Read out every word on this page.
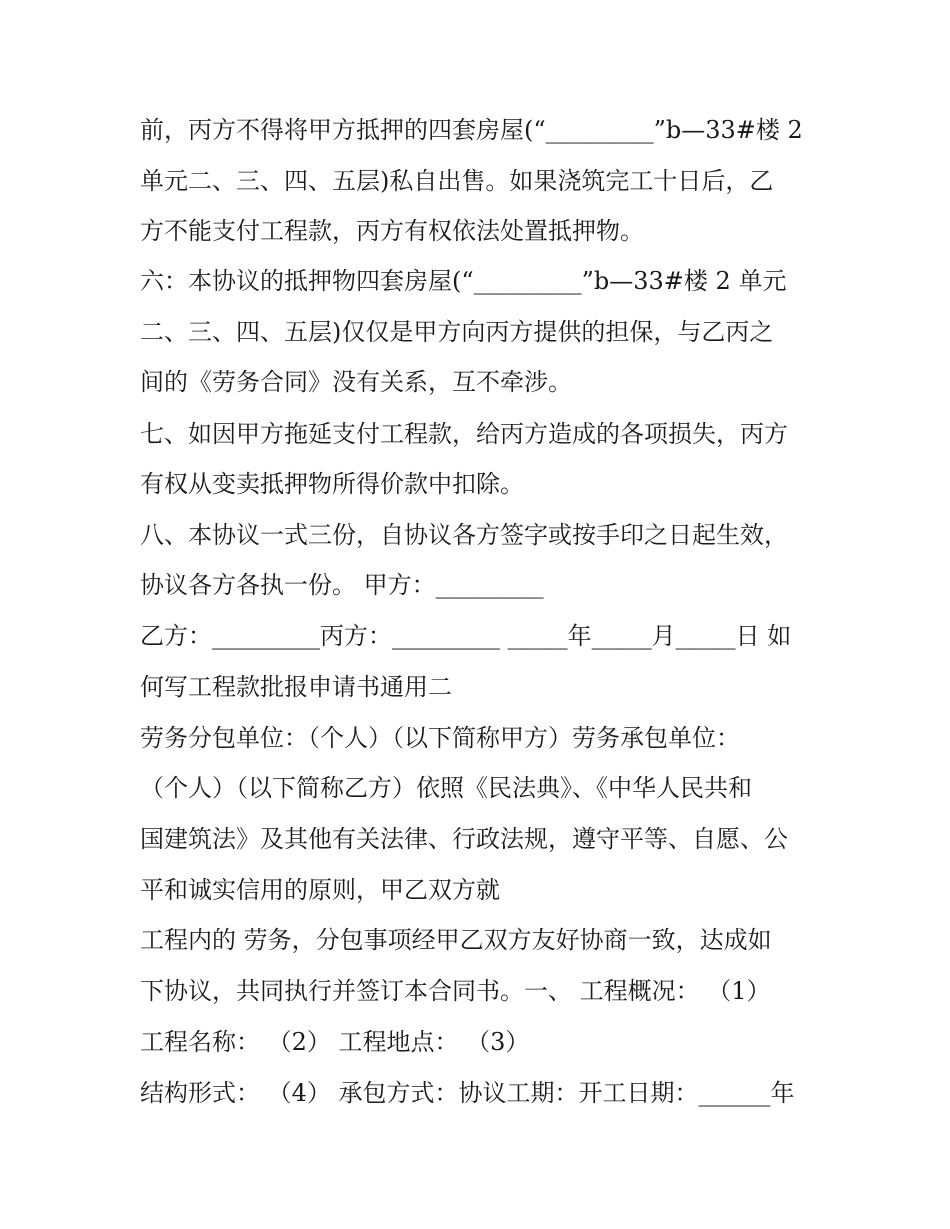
前，丙方不得将甲方抵押的四套房屋(“_________”b—33#楼 2
单元二、三、四、五层)私自出售。如果浇筑完工十日后，乙
方不能支付工程款，丙方有权依法处置抵押物。
六：本协议的抵押物四套房屋(“_________”b—33#楼 2 单元
二、三、四、五层)仅仅是甲方向丙方提供的担保，与乙丙之
间的《劳务合同》没有关系，互不牵涉。
七、如因甲方拖延支付工程款，给丙方造成的各项损失，丙方
有权从变卖抵押物所得价款中扣除。
八、本协议一式三份，自协议各方签字或按手印之日起生效，
协议各方各执一份。 甲方：_________
乙方：_________丙方：_________ _____年_____月_____日 如
何写工程款批报申请书通用二
劳务分包单位：（个人）（以下简称甲方）劳务承包单位：
（个人）（以下简称乙方）依照《民法典》、《中华人民共和
国建筑法》及其他有关法律、行政法规，遵守平等、自愿、公
平和诚实信用的原则，甲乙双方就
工程内的 劳务，分包事项经甲乙双方友好协商一致，达成如
下协议，共同执行并签订本合同书。一、 工程概况： （1）
工程名称： （2） 工程地点： （3）
结构形式： （4） 承包方式：协议工期：开工日期：______年
